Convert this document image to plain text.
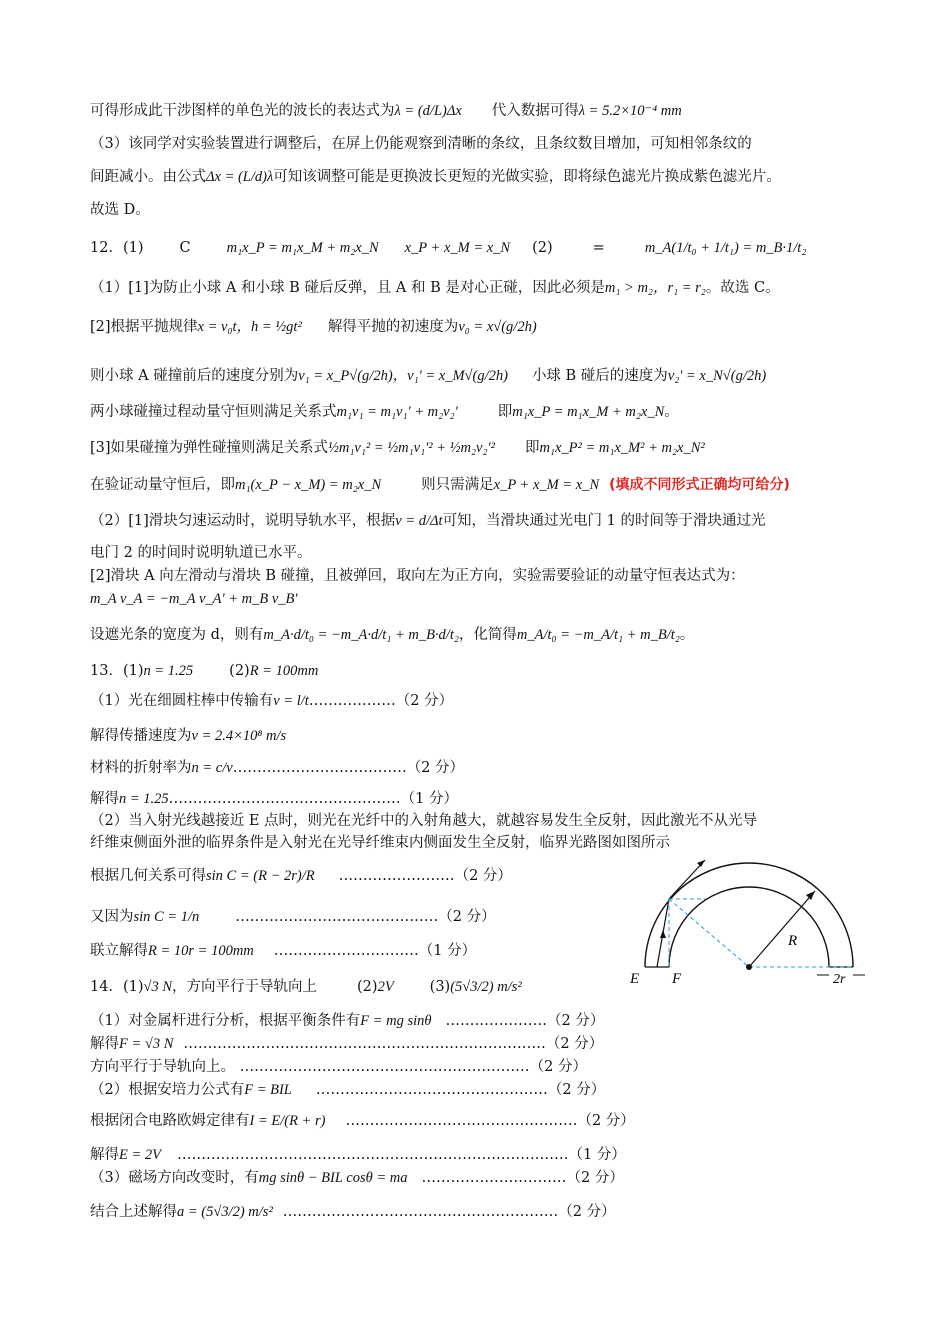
可得形成此干涉图样的单色光的波长的表达式为λ = (d/L)Δx 代入数据可得λ = 5.2×10⁻⁴ mm
（3）该同学对实验装置进行调整后，在屏上仍能观察到清晰的条纹，且条纹数目增加，可知相邻条纹的
间距减小。由公式Δx = (L/d)λ可知该调整可能是更换波长更短的光做实验，即将绿色滤光片换成紫色滤光片。
故选 D。
12．(1) C m₁x_P = m₁x_M + m₂x_N x_P + x_M = x_N (2)	=	m_A(1/t₀ + 1/t₁) = m_B·1/t₂
（1）[1]为防止小球 A 和小球 B 碰后反弹，且 A 和 B 是对心正碰，因此必须是m₁ > m₂，r₁ = r₂。故选 C。
[2]根据平抛规律x = v₀t，h = ½gt² 解得平抛的初速度为v₀ = x√(g/2h)
则小球 A 碰撞前后的速度分别为v₁ = x_P√(g/2h)，v₁' = x_M√(g/2h) 小球 B 碰后的速度为v₂' = x_N√(g/2h)
两小球碰撞过程动量守恒则满足关系式m₁v₁ = m₁v₁' + m₂v₂'	即m₁x_P = m₁x_M + m₂x_N。
[3]如果碰撞为弹性碰撞则满足关系式½m₁v₁² = ½m₁v₁'² + ½m₂v₂'² 即m₁x_P² = m₁x_M² + m₂x_N²
在验证动量守恒后，即m₁(x_P − x_M) = m₂x_N	则只需满足x_P + x_M = x_N (填成不同形式正确均可给分)
（2）[1]滑块匀速运动时，说明导轨水平，根据v = d/Δt可知，当滑块通过光电门 1 的时间等于滑块通过光
电门 2 的时间时说明轨道已水平。
[2]滑块 A 向左滑动与滑块 B 碰撞，且被弹回，取向左为正方向，实验需要验证的动量守恒表达式为：
m_A v_A = −m_A v_A' + m_B v_B'
设遮光条的宽度为 d，则有m_A·d/t₀ = −m_A·d/t₁ + m_B·d/t₂，化简得m_A/t₀ = −m_A/t₁ + m_B/t₂。
13．(1)n = 1.25 (2)R = 100mm
（1）光在细圆柱棒中传输有v = l/t………………（2 分）
解得传播速度为v = 2.4×10⁸ m/s
材料的折射率为n = c/v………………………………（2 分）
解得n = 1.25…………………………………………（1 分）
（2）当入射光线越接近 E 点时，则光在光纤中的入射角越大，就越容易发生全反射，因此激光不从光导
纤维束侧面外泄的临界条件是入射光在光导纤维束内侧面发生全反射，临界光路图如图所示
根据几何关系可得sin C = (R − 2r)/R ……………………（2 分）
又因为sin C = 1/n ……………………………………（2 分）
联立解得R = 10r = 100mm …………………………（1 分）
14．(1)√3 N，方向平行于导轨向上	(2)2V (3)(5√3/2) m/s²
（1）对金属杆进行分析，根据平衡条件有F = mg sinθ …………………（2 分）
解得F = √3 N …………………………………………………………………（2 分）
方向平行于导轨向上。 ……………………………………………………（2 分）
（2）根据安培力公式有F = BIL …………………………………………（2 分）
根据闭合电路欧姆定律有I = E/(R + r) …………………………………………（2 分）
解得E = 2V ………………………………………………………………………（1 分）
（3）磁场方向改变时，有mg sinθ − BIL cosθ = ma …………………………（2 分）
结合上述解得a = (5√3/2) m/s² …………………………………………………（2 分）
R
E F	2r
